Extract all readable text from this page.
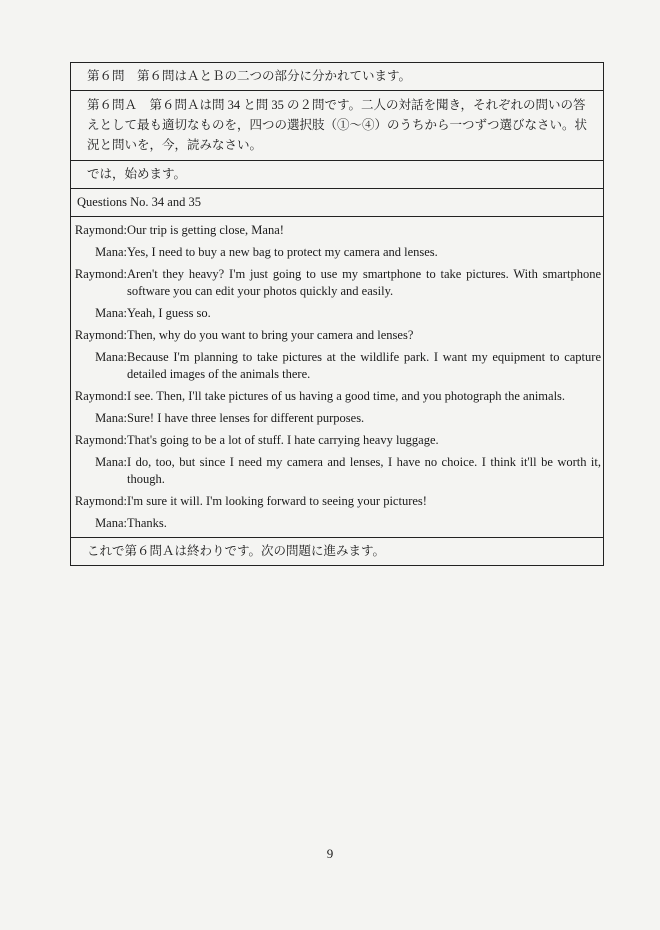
第６問　第６問はＡとＢの二つの部分に分かれています。
第６問Ａ　第６問Ａは問 34 と問 35 の２問です。二人の対話を聞き，それぞれの問いの答えとして最も適切なものを，四つの選択肢（①～④）のうちから一つずつ選びなさい。状況と問いを，今，読みなさい。
では，始めます。
Questions No. 34 and 35
Raymond: Our trip is getting close, Mana!
Mana: Yes, I need to buy a new bag to protect my camera and lenses.
Raymond: Aren't they heavy? I'm just going to use my smartphone to take pictures. With smartphone software you can edit your photos quickly and easily.
Mana: Yeah, I guess so.
Raymond: Then, why do you want to bring your camera and lenses?
Mana: Because I'm planning to take pictures at the wildlife park. I want my equipment to capture detailed images of the animals there.
Raymond: I see. Then, I'll take pictures of us having a good time, and you photograph the animals.
Mana: Sure! I have three lenses for different purposes.
Raymond: That's going to be a lot of stuff. I hate carrying heavy luggage.
Mana: I do, too, but since I need my camera and lenses, I have no choice. I think it'll be worth it, though.
Raymond: I'm sure it will. I'm looking forward to seeing your pictures!
Mana: Thanks.
これで第６問Ａは終わりです。次の問題に進みます。
9
